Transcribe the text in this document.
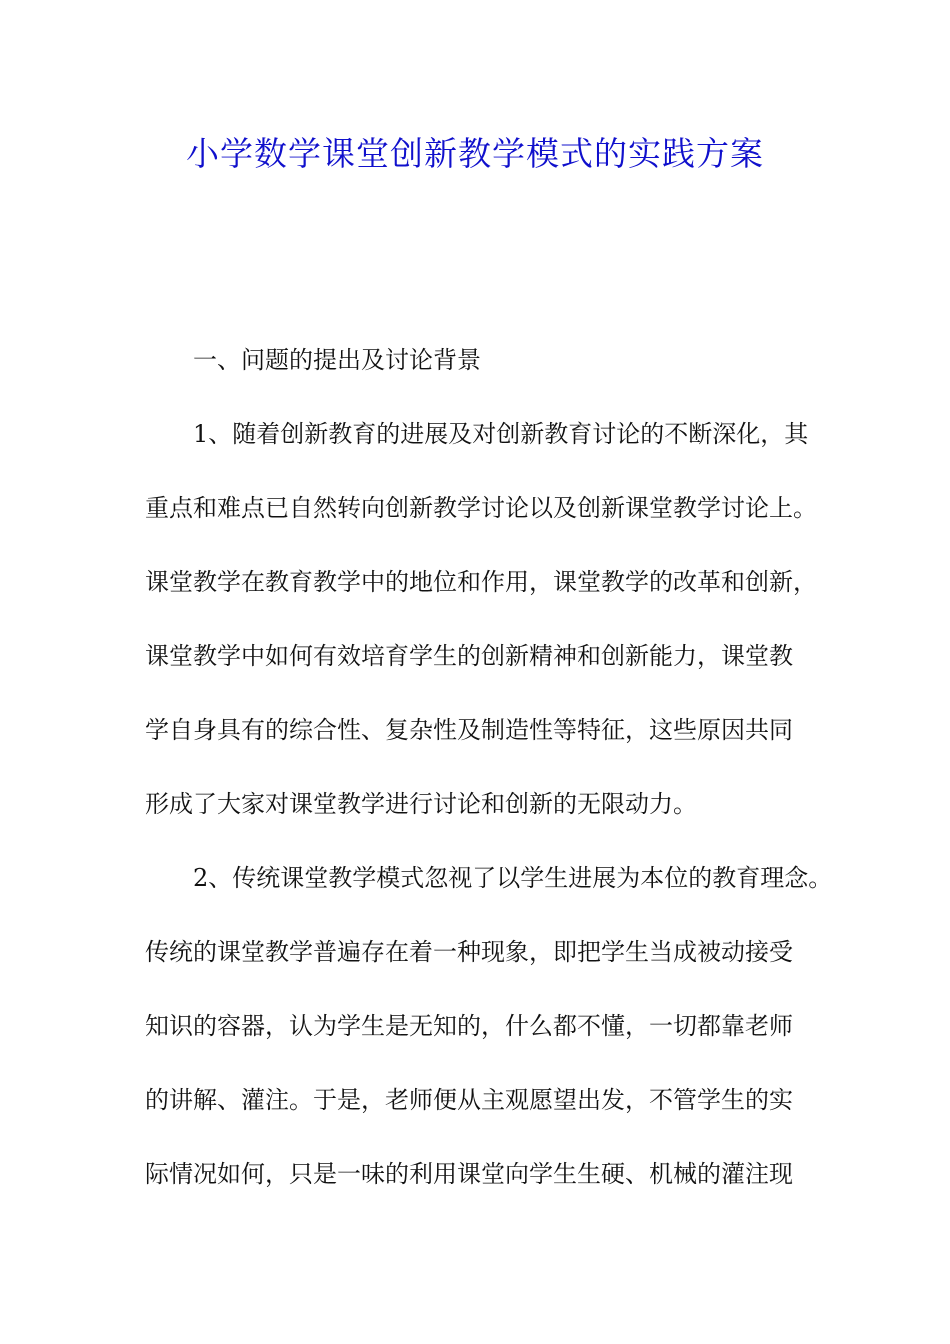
小学数学课堂创新教学模式的实践方案
一、问题的提出及讨论背景
1、随着创新教育的进展及对创新教育讨论的不断深化，其
重点和难点已自然转向创新教学讨论以及创新课堂教学讨论上。
课堂教学在教育教学中的地位和作用，课堂教学的改革和创新，
课堂教学中如何有效培育学生的创新精神和创新能力，课堂教
学自身具有的综合性、复杂性及制造性等特征，这些原因共同
形成了大家对课堂教学进行讨论和创新的无限动力。
2、传统课堂教学模式忽视了以学生进展为本位的教育理念。
传统的课堂教学普遍存在着一种现象，即把学生当成被动接受
知识的容器，认为学生是无知的，什么都不懂，一切都靠老师
的讲解、灌注。于是，老师便从主观愿望出发，不管学生的实
际情况如何，只是一味的利用课堂向学生生硬、机械的灌注现
